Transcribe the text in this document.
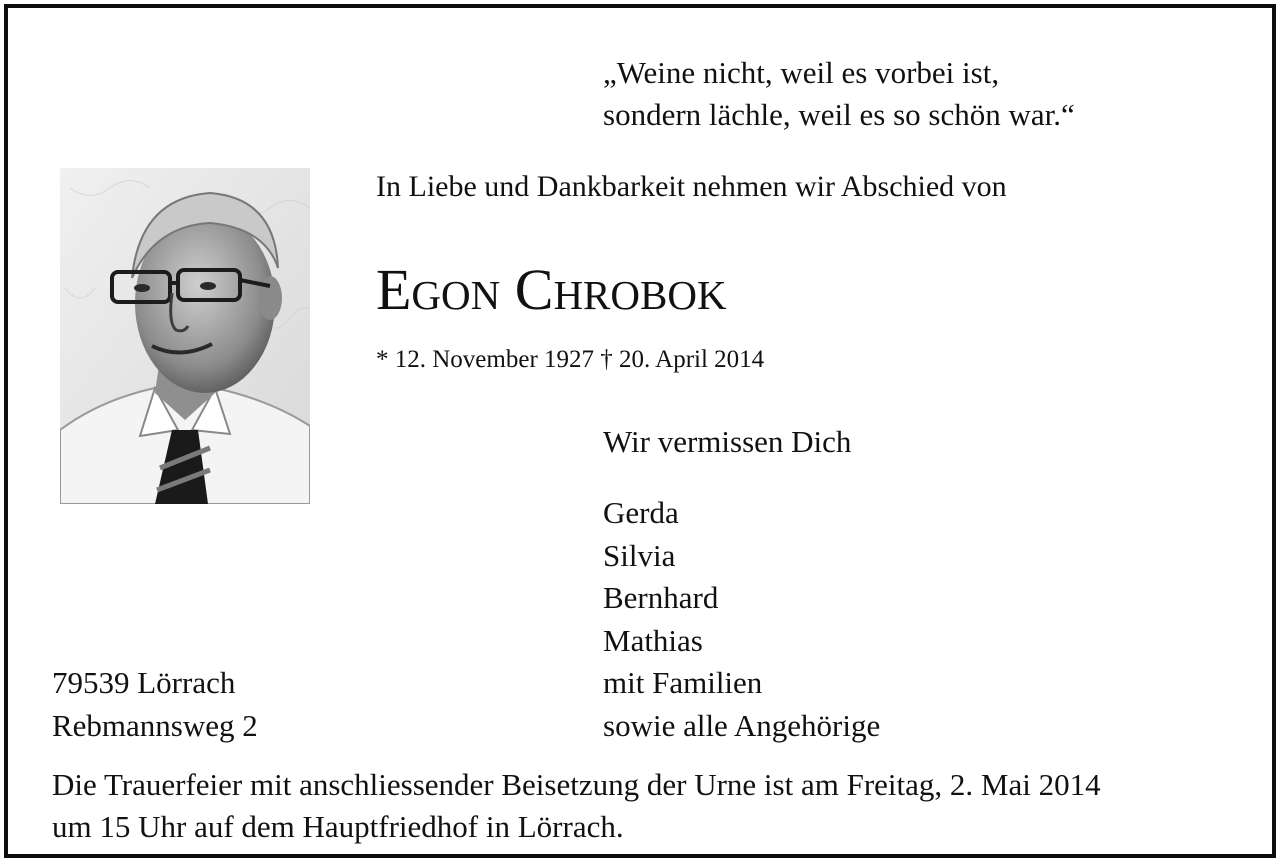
„Weine nicht, weil es vorbei ist,
sondern lächle, weil es so schön war.“
In Liebe und Dankbarkeit nehmen wir Abschied von
Egon Chrobok
* 12. November 1927 † 20. April 2014
Wir vermissen Dich
Gerda
Silvia
Bernhard
Mathias
mit Familien
sowie alle Angehörige
79539 Lörrach
Rebmannsweg 2
Die Trauerfeier mit anschliessender Beisetzung der Urne ist am Freitag, 2. Mai 2014
um 15 Uhr auf dem Hauptfriedhof in Lörrach.
